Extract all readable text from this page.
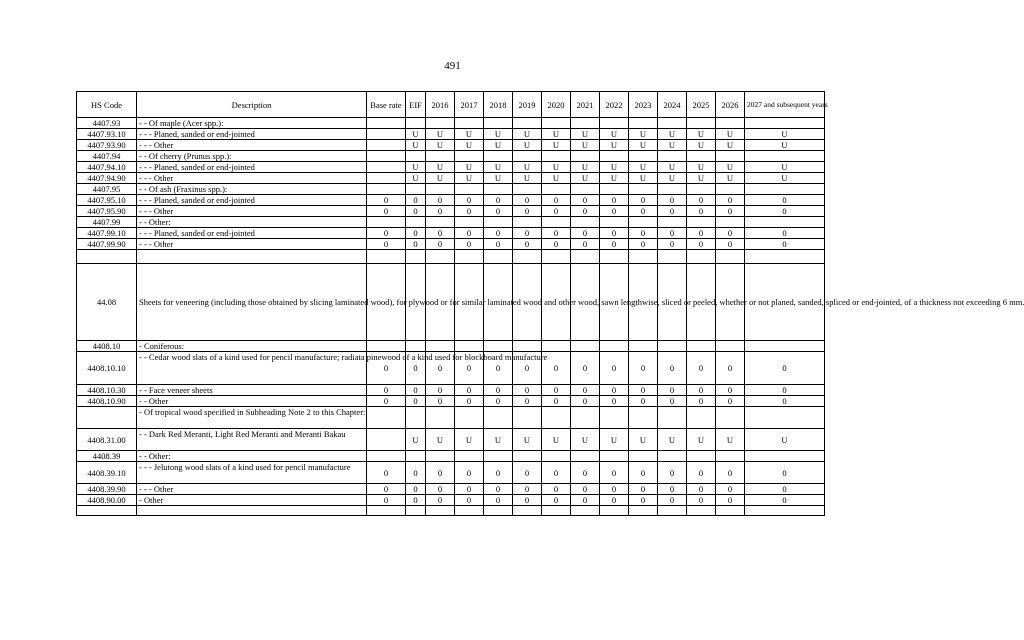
491
HS Code	Description	Base rate	EIF	2016	2017	2018	2019	2020	2021	2022	2023	2024	2025	2026	2027 and subsequent years
4407.93	- - Of maple (Acer spp.):														
4407.93.10	- - - Planed, sanded or end-jointed		U	U	U	U	U	U	U	U	U	U	U	U	U
4407.93.90	- - - Other		U	U	U	U	U	U	U	U	U	U	U	U	U
4407.94	- - Of cherry (Prunus spp.):														
4407.94.10	- - - Planed, sanded or end-jointed		U	U	U	U	U	U	U	U	U	U	U	U	U
4407.94.90	- - - Other		U	U	U	U	U	U	U	U	U	U	U	U	U
4407.95	- - Of ash (Fraxinus spp.):														
4407.95.10	- - - Planed, sanded or end-jointed	0	0	0	0	0	0	0	0	0	0	0	0	0	0
4407.95.90	- - - Other	0	0	0	0	0	0	0	0	0	0	0	0	0	0
4407.99	- - Other:														
4407.99.10	- - - Planed, sanded or end-jointed	0	0	0	0	0	0	0	0	0	0	0	0	0	0
4407.99.90	- - - Other	0	0	0	0	0	0	0	0	0	0	0	0	0	0

44.08	Sheets for veneering (including those obtained by slicing laminated wood), for plywood or for similar laminated wood and other wood, sawn lengthwise, sliced or peeled, whether or not planed, sanded, spliced or end-jointed, of a thickness not exceeding 6 mm.														
4408.10	- Coniferous:														
4408.10.10	- - Cedar wood slats of a kind used for pencil manufacture; radiata pinewood of a kind used for blockboard manufacture	0	0	0	0	0	0	0	0	0	0	0	0	0	0
4408.10.30	- - Face veneer sheets	0	0	0	0	0	0	0	0	0	0	0	0	0	0
4408.10.90	- - Other	0	0	0	0	0	0	0	0	0	0	0	0	0	0
	- Of tropical wood specified in Subheading Note 2 to this Chapter:														
4408.31.00	- - Dark Red Meranti, Light Red Meranti and Meranti Bakau		U	U	U	U	U	U	U	U	U	U	U	U	U
4408.39	- - Other:														
4408.39.10	- - - Jelutong wood slats of a kind used for pencil manufacture	0	0	0	0	0	0	0	0	0	0	0	0	0	0
4408.39.90	- - - Other	0	0	0	0	0	0	0	0	0	0	0	0	0	0
4408.90.00	- Other	0	0	0	0	0	0	0	0	0	0	0	0	0	0
